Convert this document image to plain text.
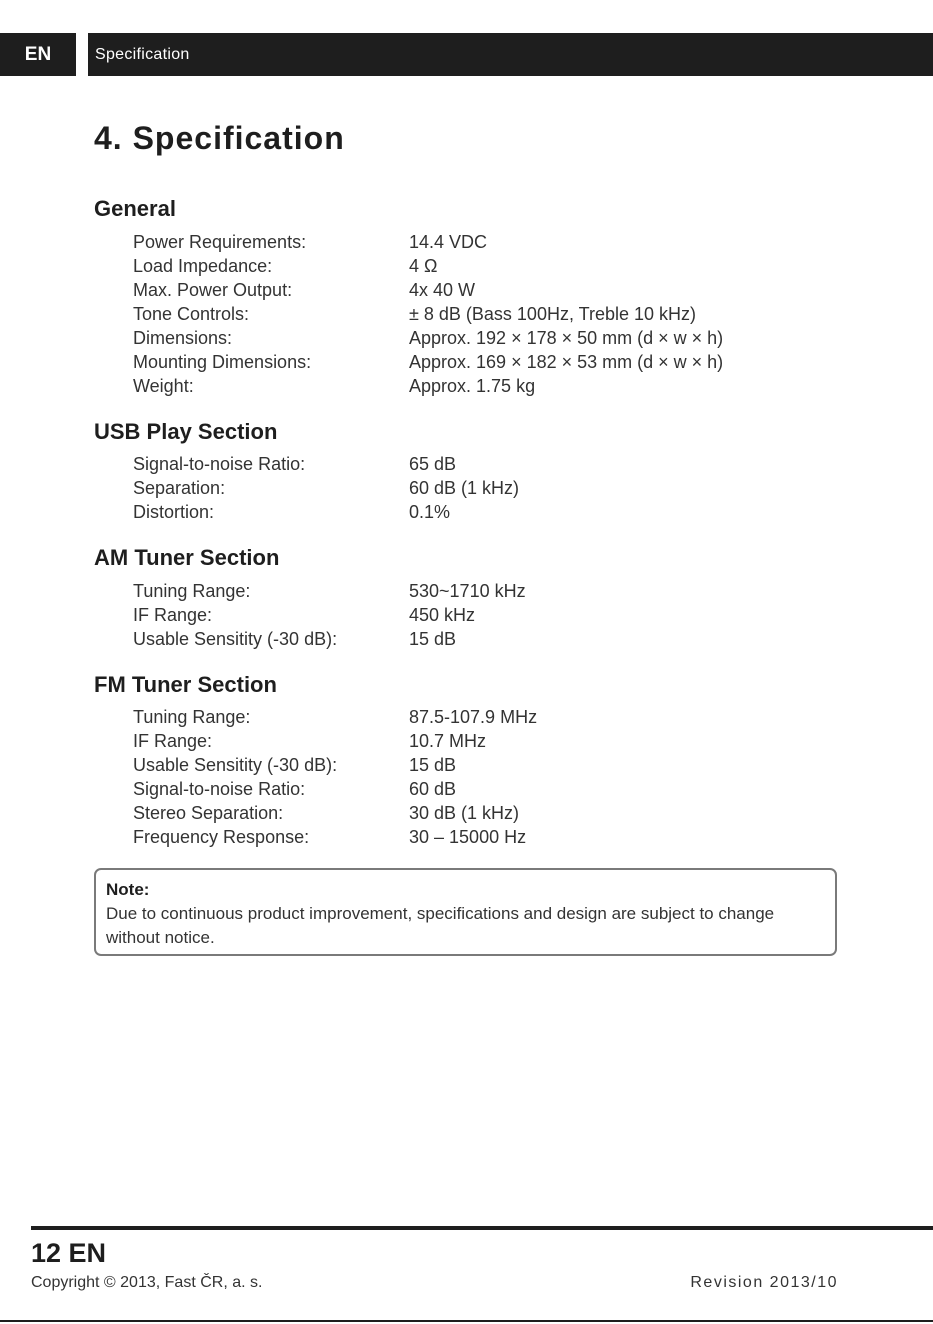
EN	Specification
4. Specification
General
Power Requirements:	14.4 VDC
Load Impedance:	4 Ω
Max. Power Output:	4x 40 W
Tone Controls:	± 8 dB (Bass 100Hz, Treble 10 kHz)
Dimensions:	Approx. 192 × 178 × 50 mm (d × w × h)
Mounting Dimensions:	Approx. 169 × 182 × 53 mm (d × w × h)
Weight:	Approx. 1.75 kg
USB Play Section
Signal-to-noise Ratio:	65 dB
Separation:	60 dB (1 kHz)
Distortion:	0.1%
AM Tuner Section
Tuning Range:	530~1710 kHz
IF Range:	450 kHz
Usable Sensitity (-30 dB):	15 dB
FM Tuner Section
Tuning Range:	87.5-107.9 MHz
IF Range:	10.7 MHz
Usable Sensitity (-30 dB):	15 dB
Signal-to-noise Ratio:	60 dB
Stereo Separation:	30 dB (1 kHz)
Frequency Response:	30 – 15000 Hz
Note:
Due to continuous product improvement, specifications and design are subject to change without notice.
12 EN
Copyright © 2013, Fast ČR, a. s.	Revision 2013/10
